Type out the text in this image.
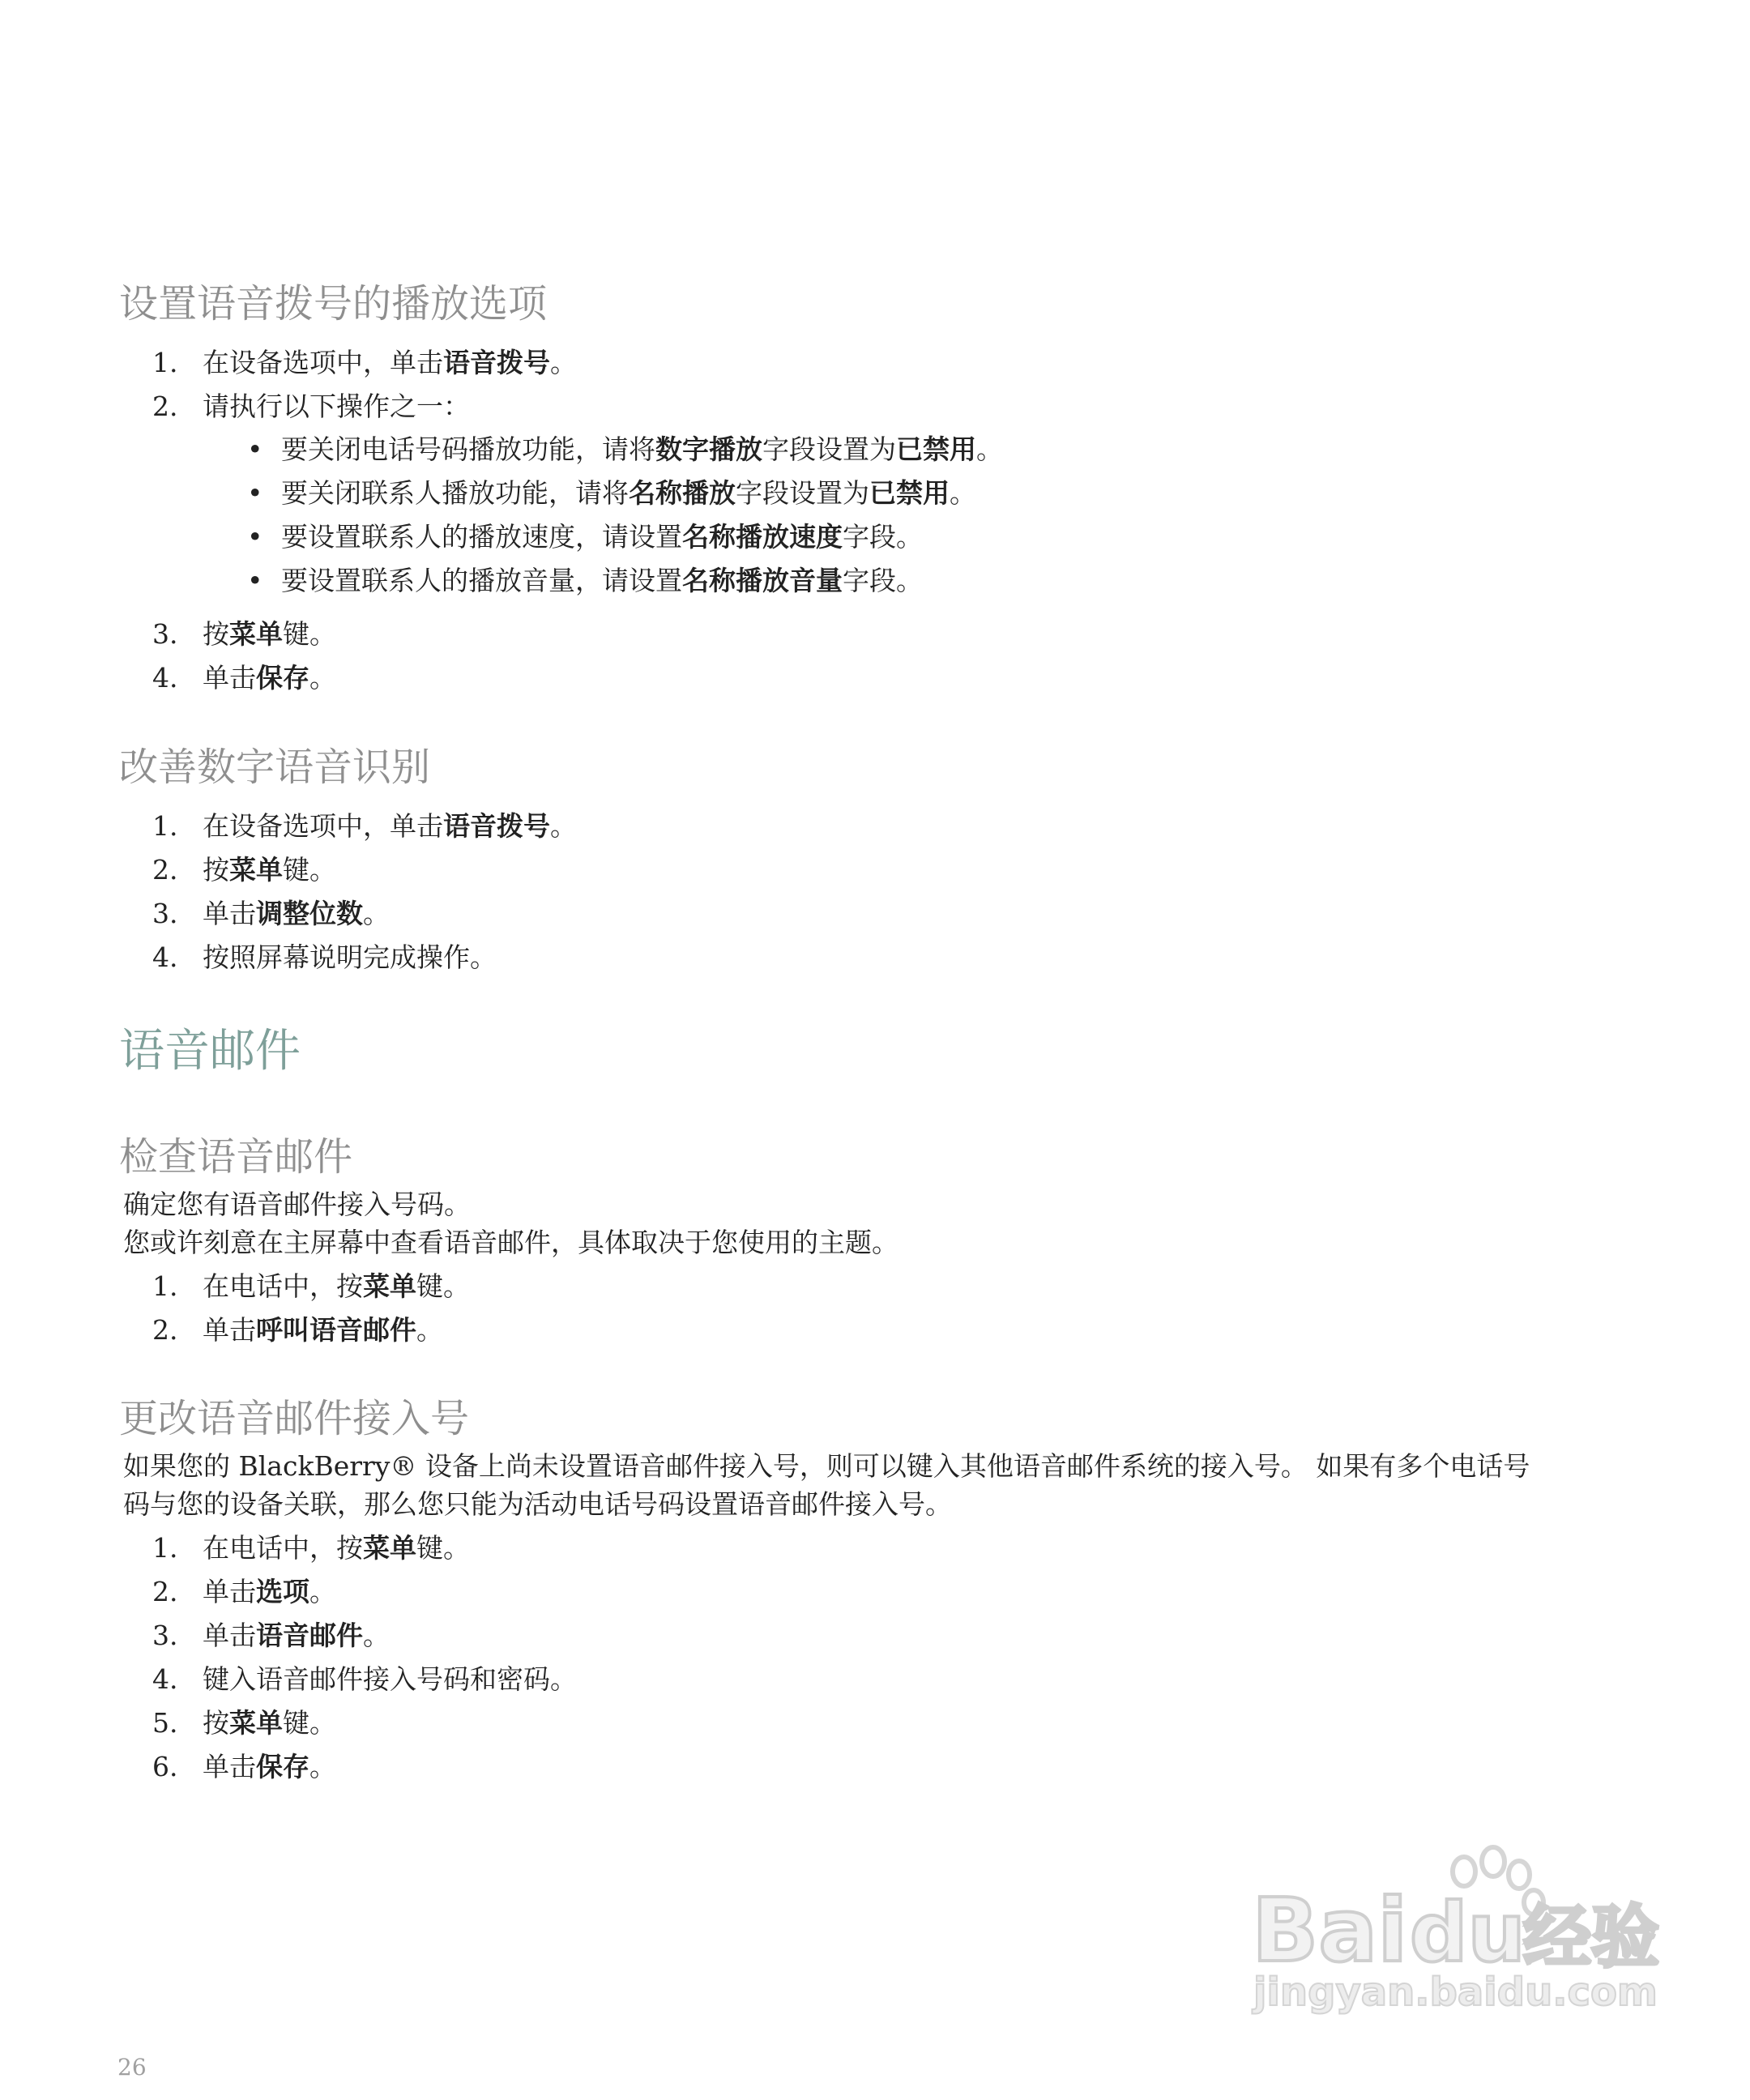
设置语音拨号的播放选项
1. 在设备选项中，单击语音拨号。
2. 请执行以下操作之一：
• 要关闭电话号码播放功能，请将数字播放字段设置为已禁用。
• 要关闭联系人播放功能，请将名称播放字段设置为已禁用。
• 要设置联系人的播放速度，请设置名称播放速度字段。
• 要设置联系人的播放音量，请设置名称播放音量字段。
3. 按菜单键。
4. 单击保存。
改善数字语音识别
1. 在设备选项中，单击语音拨号。
2. 按菜单键。
3. 单击调整位数。
4. 按照屏幕说明完成操作。
语音邮件
检查语音邮件
确定您有语音邮件接入号码。
您或许刻意在主屏幕中查看语音邮件，具体取决于您使用的主题。
1. 在电话中，按菜单键。
2. 单击呼叫语音邮件。
更改语音邮件接入号
如果您的 BlackBerry® 设备上尚未设置语音邮件接入号，则可以键入其他语音邮件系统的接入号。 如果有多个电话号
码与您的设备关联，那么您只能为活动电话号码设置语音邮件接入号。
1. 在电话中，按菜单键。
2. 单击选项。
3. 单击语音邮件。
4. 键入语音邮件接入号码和密码。
5. 按菜单键。
6. 单击保存。
Bai du
经验
jingyan.baidu.com
26
